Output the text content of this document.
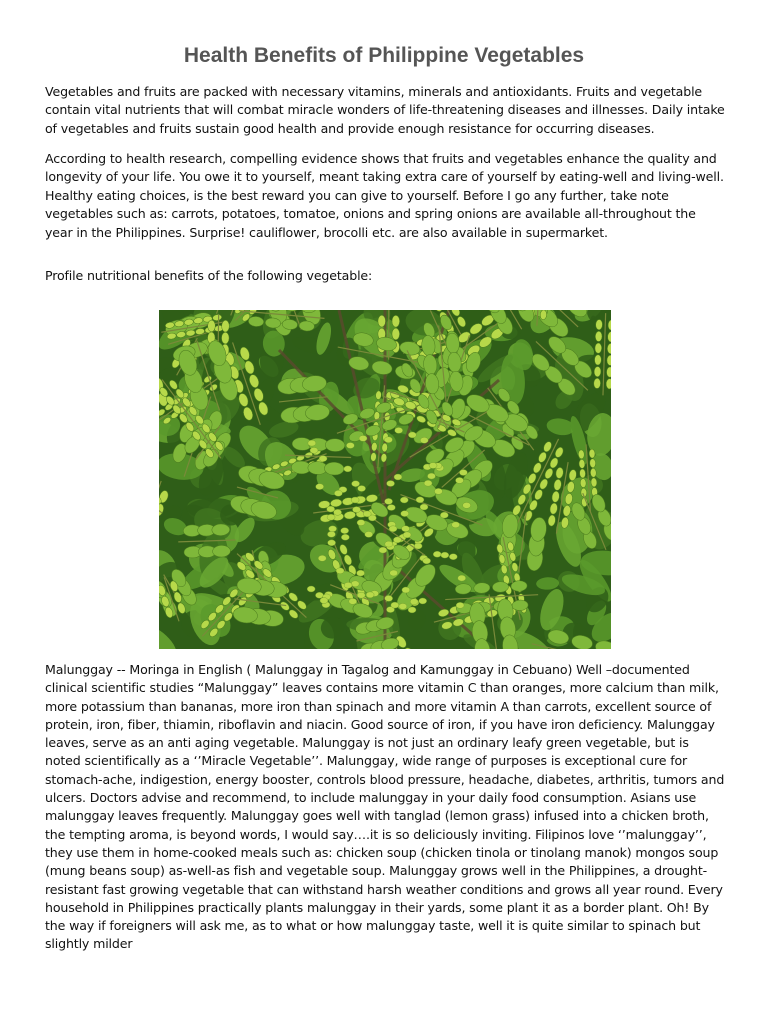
Health Benefits of Philippine Vegetables

Vegetables and fruits are packed with necessary vitamins, minerals and antioxidants. Fruits and vegetable contain vital nutrients that will combat miracle wonders of life-threatening diseases and illnesses. Daily intake of vegetables and fruits sustain good health and provide enough resistance for occurring diseases.

According to health research, compelling evidence shows that fruits and vegetables enhance the quality and longevity of your life. You owe it to yourself, meant taking extra care of yourself by eating-well and living-well. Healthy eating choices, is the best reward you can give to yourself. Before I go any further, take note vegetables such as: carrots, potatoes, tomatoe, onions and spring onions are available all-throughout the year in the Philippines. Surprise! cauliflower, brocolli etc. are also available in supermarket.

Profile nutritional benefits of the following vegetable:

Malunggay -- Moringa in English ( Malunggay in Tagalog and Kamunggay in Cebuano) Well –documented clinical scientific studies “Malunggay” leaves contains more vitamin C than oranges, more calcium than milk, more potassium than bananas, more iron than spinach and more vitamin A than carrots, excellent source of protein, iron, fiber, thiamin, riboflavin and niacin. Good source of iron, if you have iron deficiency. Malunggay leaves, serve as an anti aging vegetable. Malunggay is not just an ordinary leafy green vegetable, but is noted scientifically as a ‘’Miracle Vegetable’’. Malunggay, wide range of purposes is exceptional cure for stomach-ache, indigestion, energy booster, controls blood pressure, headache, diabetes, arthritis, tumors and ulcers. Doctors advise and recommend, to include malunggay in your daily food consumption. Asians use malunggay leaves frequently. Malunggay goes well with tanglad (lemon grass) infused into a chicken broth, the tempting aroma, is beyond words, I would say….it is so deliciously inviting. Filipinos love ‘’malunggay’’, they use them in home-cooked meals such as: chicken soup (chicken tinola or tinolang manok) mongos soup (mung beans soup) as-well-as fish and vegetable soup. Malunggay grows well in the Philippines, a drought-resistant fast growing vegetable that can withstand harsh weather conditions and grows all year round. Every household in Philippines practically plants malunggay in their yards, some plant it as a border plant. Oh! By the way if foreigners will ask me, as to what or how malunggay taste, well it is quite similar to spinach but slightly milder
